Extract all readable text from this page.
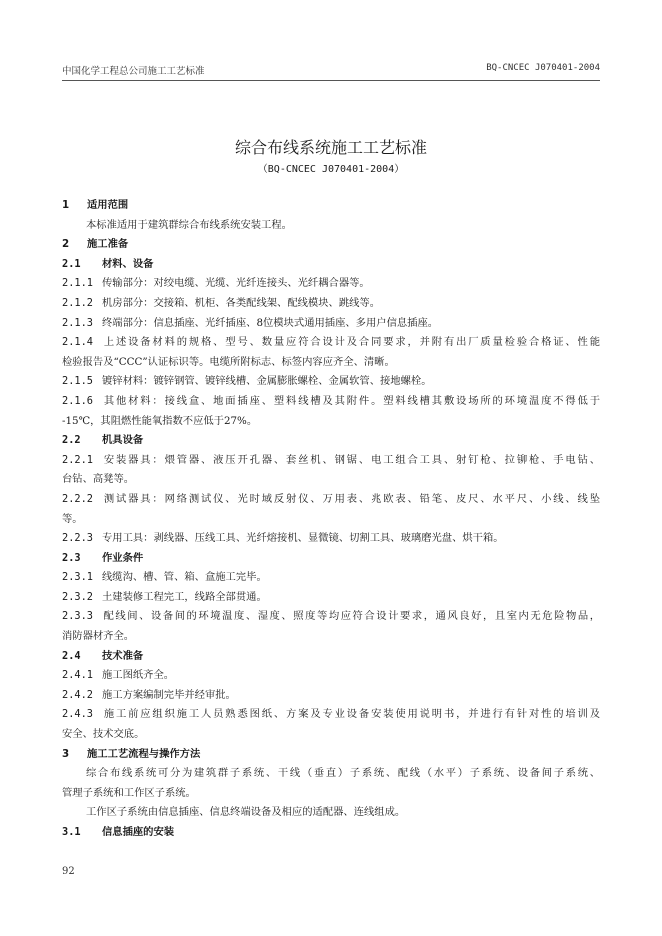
中国化学工程总公司施工工艺标准	BQ-CNCEC J070401-2004
综合布线系统施工工艺标准
（BQ-CNCEC J070401-2004）
1 适用范围
本标准适用于建筑群综合布线系统安装工程。
2 施工准备
2.1 材料、设备
2.1.1 传输部分：对绞电缆、光缆、光纤连接头、光纤耦合器等。
2.1.2 机房部分：交接箱、机柜、各类配线架、配线模块、跳线等。
2.1.3 终端部分：信息插座、光纤插座、8位模块式通用插座、多用户信息插座。
2.1.4 上述设备材料的规格、型号、数量应符合设计及合同要求，并附有出厂质量检验合格证、性能
检验报告及“CCC”认证标识等。电缆所附标志、标签内容应齐全、清晰。
2.1.5 镀锌材料：镀锌钢管、镀锌线槽、金属膨胀螺栓、金属软管、接地螺栓。
2.1.6 其他材料：接线盒、地面插座、塑料线槽及其附件。塑料线槽其敷设场所的环境温度不得低于
-15℃，其阻燃性能氧指数不应低于27%。
2.2 机具设备
2.2.1 安装器具：煨管器、液压开孔器、套丝机、钢锯、电工组合工具、射钉枪、拉铆枪、手电钻、
台钻、高凳等。
2.2.2 测试器具：网络测试仪、光时域反射仪、万用表、兆欧表、铅笔、皮尺、水平尺、小线、线坠
等。
2.2.3 专用工具：剥线器、压线工具、光纤熔接机、显微镜、切割工具、玻璃磨光盘、烘干箱。
2.3 作业条件
2.3.1 线缆沟、槽、管、箱、盒施工完毕。
2.3.2 土建装修工程完工，线路全部贯通。
2.3.3 配线间、设备间的环境温度、湿度、照度等均应符合设计要求，通风良好，且室内无危险物品，
消防器材齐全。
2.4 技术准备
2.4.1 施工图纸齐全。
2.4.2 施工方案编制完毕并经审批。
2.4.3 施工前应组织施工人员熟悉图纸、方案及专业设备安装使用说明书，并进行有针对性的培训及
安全、技术交底。
3 施工工艺流程与操作方法
综合布线系统可分为建筑群子系统、干线（垂直）子系统、配线（水平）子系统、设备间子系统、
管理子系统和工作区子系统。
工作区子系统由信息插座、信息终端设备及相应的适配器、连线组成。
3.1 信息插座的安装
92
